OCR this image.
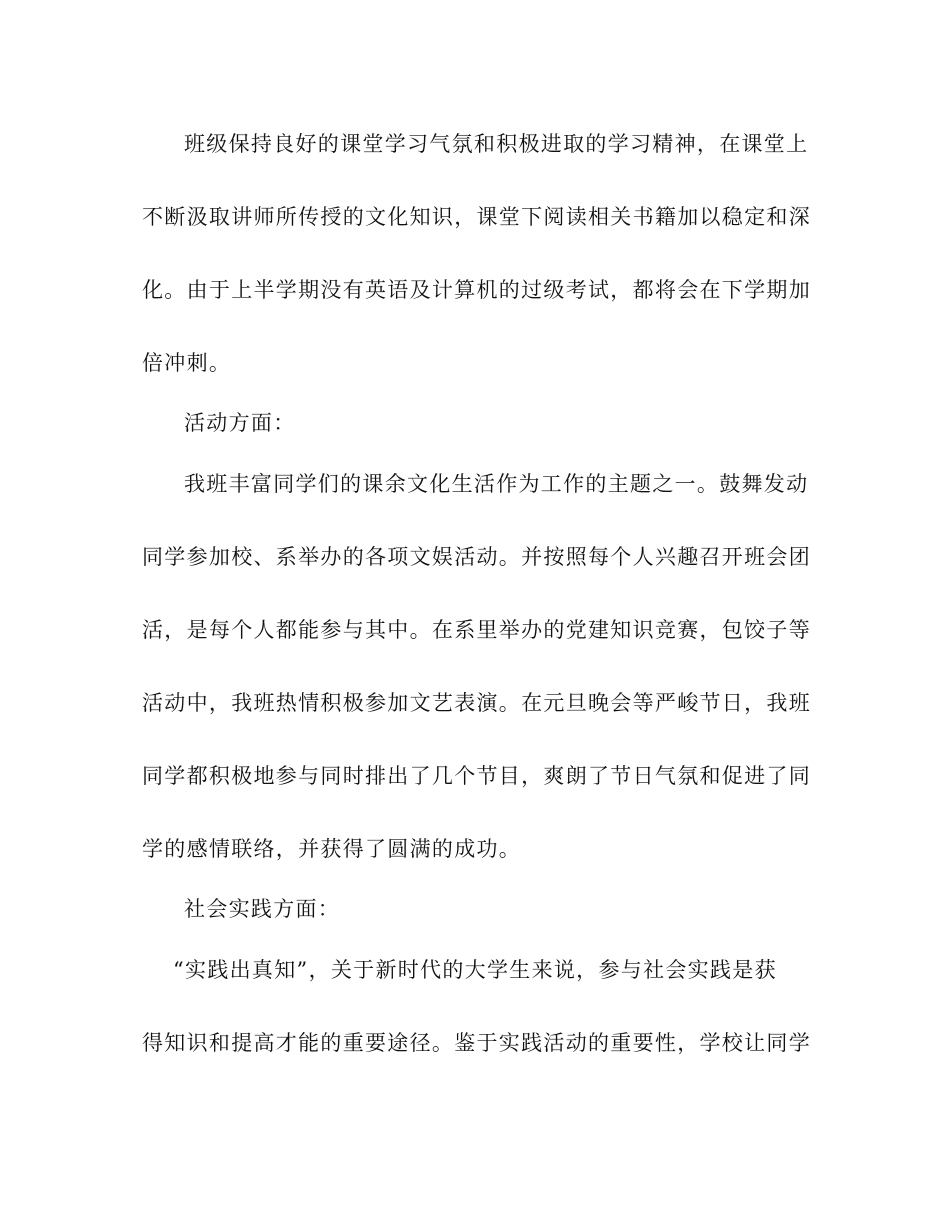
班级保持良好的课堂学习气氛和积极进取的学习精神，在课堂上
不断汲取讲师所传授的文化知识，课堂下阅读相关书籍加以稳定和深
化。由于上半学期没有英语及计算机的过级考试，都将会在下学期加
倍冲刺。
活动方面：
我班丰富同学们的课余文化生活作为工作的主题之一。鼓舞发动
同学参加校、系举办的各项文娱活动。并按照每个人兴趣召开班会团
活，是每个人都能参与其中。在系里举办的党建知识竞赛，包饺子等
活动中，我班热情积极参加文艺表演。在元旦晚会等严峻节日，我班
同学都积极地参与同时排出了几个节目，爽朗了节日气氛和促进了同
学的感情联络，并获得了圆满的成功。
社会实践方面：
“实践出真知”，关于新时代的大学生来说，参与社会实践是获
得知识和提高才能的重要途径。鉴于实践活动的重要性，学校让同学
